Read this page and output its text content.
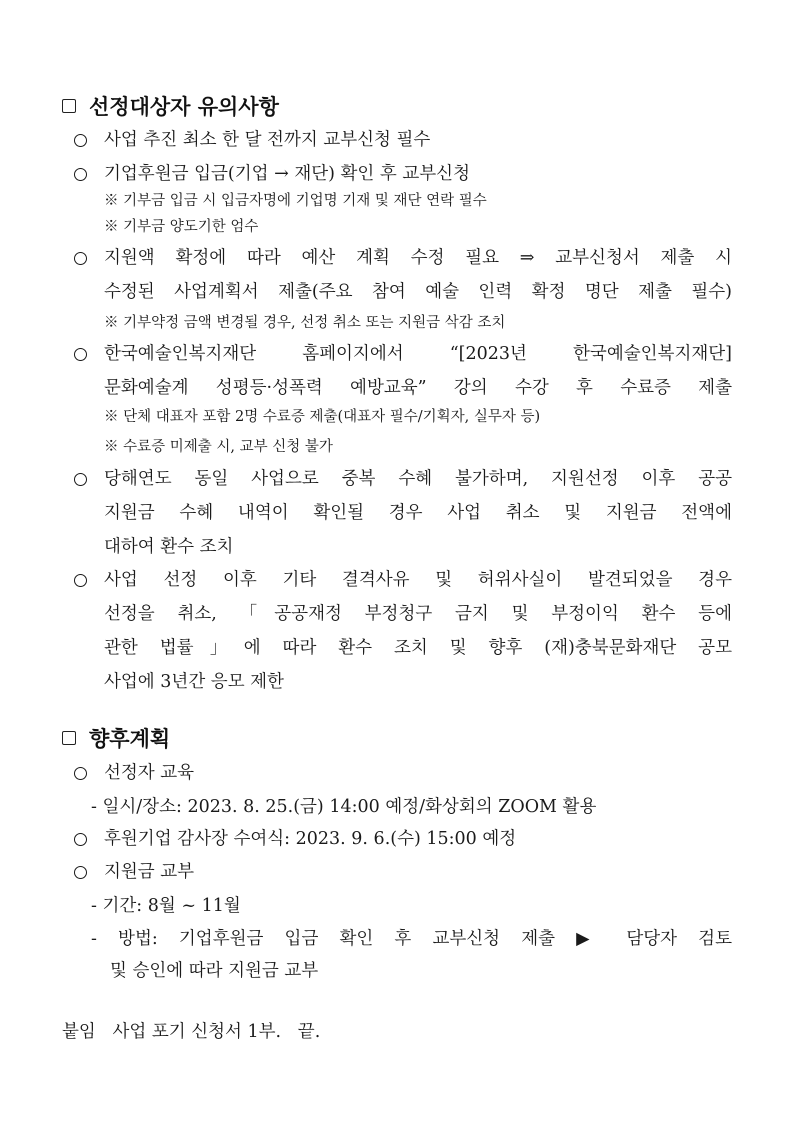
선정대상자 유의사항
사업 추진 최소 한 달 전까지 교부신청 필수
기업후원금 입금(기업 → 재단) 확인 후 교부신청
※ 기부금 입금 시 입금자명에 기업명 기재 및 재단 연락 필수
※ 기부금 양도기한 엄수
지원액 확정에 따라 예산 계획 수정 필요 ⇒ 교부신청서 제출 시
수정된 사업계획서 제출(주요 참여 예술 인력 확정 명단 제출 필수)
※ 기부약정 금액 변경될 경우, 선정 취소 또는 지원금 삭감 조치
한국예술인복지재단 홈페이지에서 “[2023년 한국예술인복지재단]
문화예술계 성평등·성폭력 예방교육” 강의 수강 후 수료증 제출
※ 단체 대표자 포함 2명 수료증 제출(대표자 필수/기획자, 실무자 등)
※ 수료증 미제출 시, 교부 신청 불가
당해연도 동일 사업으로 중복 수혜 불가하며, 지원선정 이후 공공
지원금 수혜 내역이 확인될 경우 사업 취소 및 지원금 전액에
대하여 환수 조치
사업 선정 이후 기타 결격사유 및 허위사실이 발견되었을 경우
선정을 취소, 「공공재정 부정청구 금지 및 부정이익 환수 등에
관한 법률」에 따라 환수 조치 및 향후 (재)충북문화재단 공모
사업에 3년간 응모 제한
향후계획
선정자 교육
- 일시/장소: 2023. 8. 25.(금) 14:00 예정/화상회의 ZOOM 활용
후원기업 감사장 수여식: 2023. 9. 6.(수) 15:00 예정
지원금 교부
- 기간: 8월 ~ 11월
- 방법: 기업후원금 입금 확인 후 교부신청 제출 ▶ 담당자 검토
및 승인에 따라 지원금 교부
붙임   사업 포기 신청서 1부.   끝.
